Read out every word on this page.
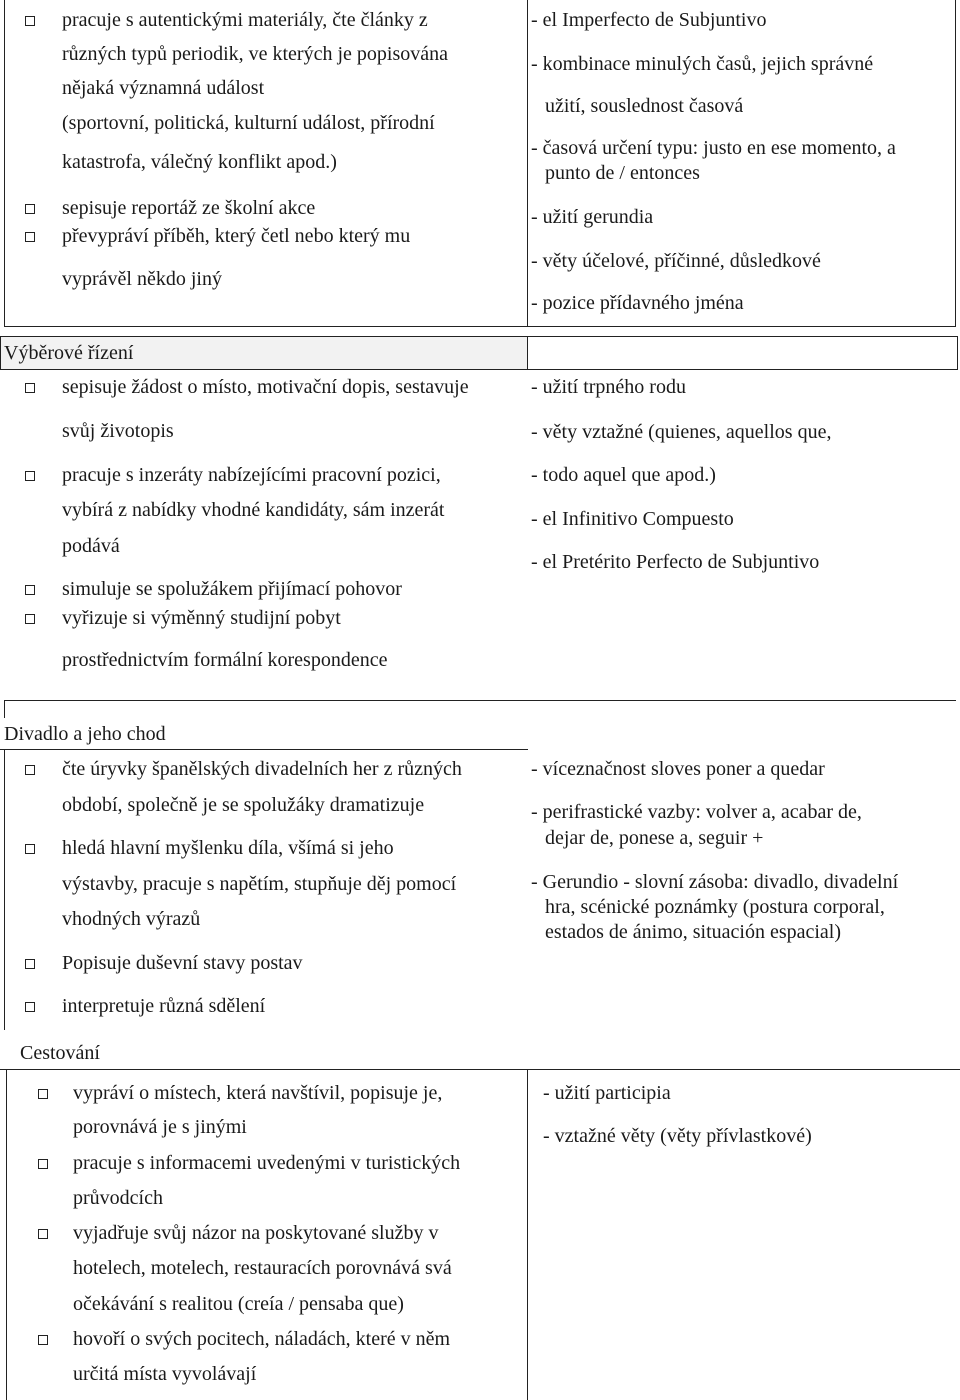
Výběrové řízení
Divadlo a jeho chod
Cestování
pracuje s autentickými materiály, čte články z
různých typů periodik, ve kterých je popisována
nějaká významná událost
(sportovní, politická, kulturní událost, přírodní
katastrofa, válečný konflikt apod.)
sepisuje reportáž ze školní akce
převypráví příběh, který četl nebo který mu
vyprávěl někdo jiný
- el Imperfecto de Subjuntivo
- kombinace minulých časů, jejich správné
užití, souslednost časová
- časová určení typu: justo en ese momento, a
punto de / entonces
- užití gerundia
- věty účelové, příčinné, důsledkové
- pozice přídavného jména
sepisuje žádost o místo, motivační dopis, sestavuje
svůj životopis
pracuje s inzeráty nabízejícími pracovní pozici,
vybírá z nabídky vhodné kandidáty, sám inzerát
podává
simuluje se spolužákem přijímací pohovor
vyřizuje si výměnný studijní pobyt
prostřednictvím formální korespondence
- užití trpného rodu
- věty vztažné (quienes, aquellos que,
- todo aquel que apod.)
- el Infinitivo Compuesto
- el Pretérito Perfecto de Subjuntivo
čte úryvky španělských divadelních her z různých
období, společně je se spolužáky dramatizuje
hledá hlavní myšlenku díla, všímá si jeho
výstavby, pracuje s napětím, stupňuje děj pomocí
vhodných výrazů
Popisuje duševní stavy postav
interpretuje různá sdělení
- víceznačnost sloves poner a quedar
- perifrastické vazby: volver a, acabar de,
dejar de, ponese a, seguir +
- Gerundio - slovní zásoba: divadlo, divadelní
hra, scénické poznámky (postura corporal,
estados de ánimo, situación espacial)
vypráví o místech, která navštívil, popisuje je,
porovnává je s jinými
pracuje s informacemi uvedenými v turistických
průvodcích
vyjadřuje svůj názor na poskytované služby v
hotelech, motelech, restauracích porovnává svá
očekávání s realitou (creía / pensaba que)
hovoří o svých pocitech, náladách, které v něm
určitá místa vyvolávají
- užití participia
- vztažné věty (věty přívlastkové)
